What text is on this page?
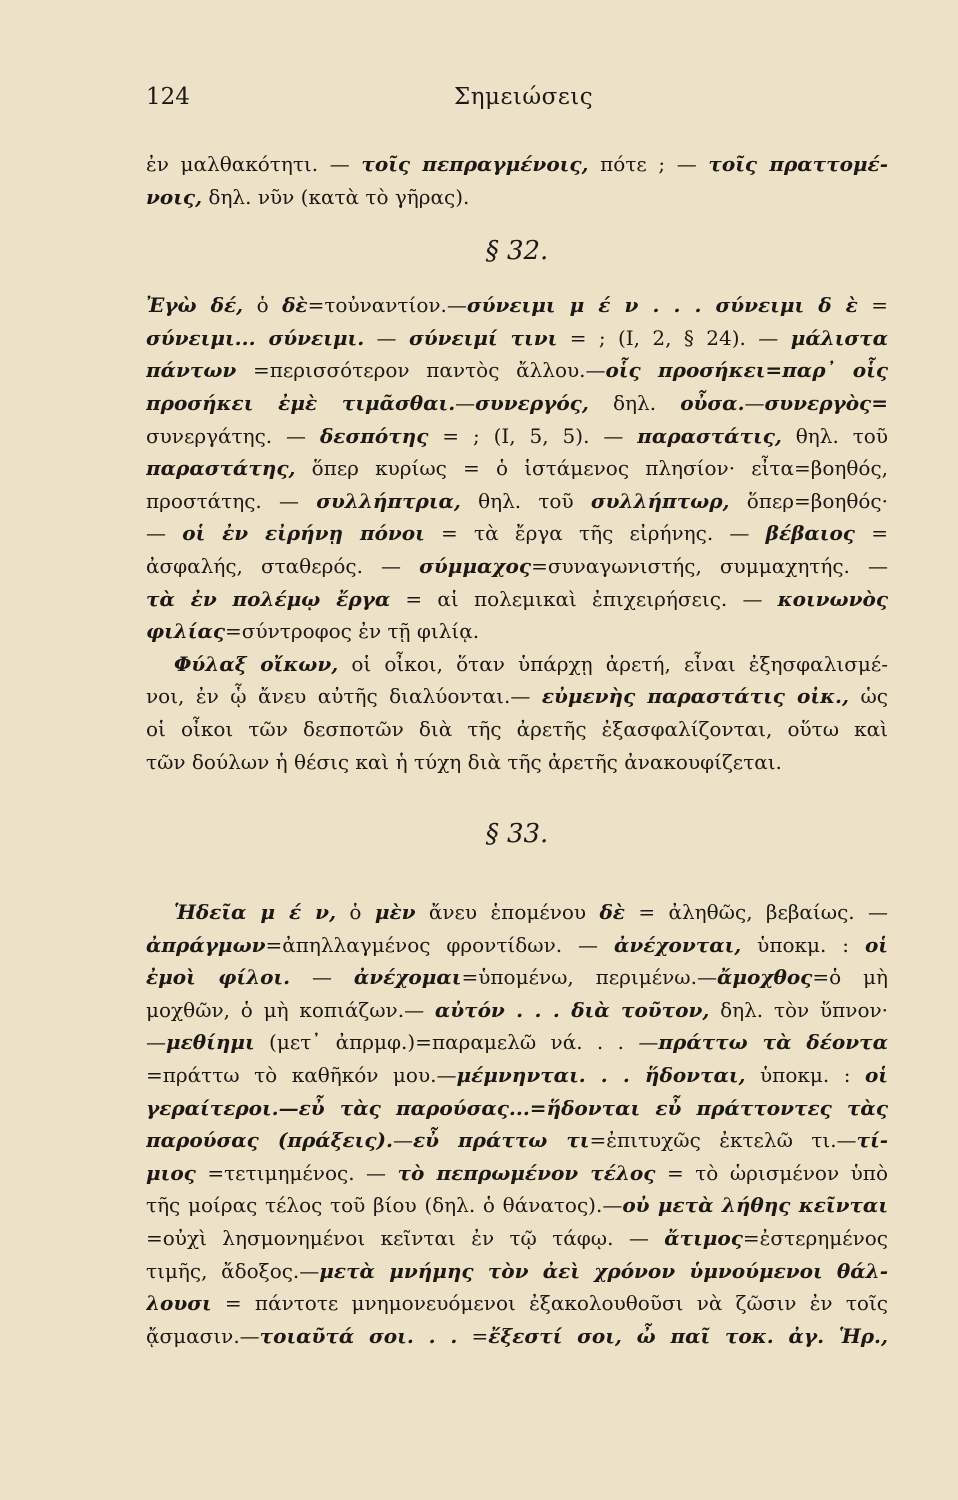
124	Σημειώσεις
ἐν μαλθακότητι. — τοῖς πεπραγμένοις, πότε ; — τοῖς πραττομέ-
νοις, δηλ. νῦν (κατὰ τὸ γῆρας).
§ 32.
Ἐγὼ δέ, ὁ δὲ=τοὐναντίον.—σύνειμι μ έ ν . . . σύνειμι δ ὲ =
σύνειμι... σύνειμι. — σύνειμί τινι = ; (Ι, 2, § 24). — μάλιστα
πάντων =περισσότερον παντὸς ἄλλου.—οἷς προσήκει=παρ᾽ οἷς
προσήκει ἐμὲ τιμᾶσθαι.—συνεργός, δηλ. οὖσα.—συνεργὸς=
συνεργάτης. — δεσπότης = ; (Ι, 5, 5). — παραστάτις, θηλ. τοῦ
παραστάτης, ὅπερ κυρίως = ὁ ἱστάμενος πλησίον· εἶτα=βοηθός,
προστάτης. — συλλήπτρια, θηλ. τοῦ συλλήπτωρ, ὅπερ=βοηθός·
— οἱ ἐν εἰρήνῃ πόνοι = τὰ ἔργα τῆς εἰρήνης. — βέβαιος =
ἀσφαλής, σταθερός. — σύμμαχος=συναγωνιστής, συμμαχητής. —
τὰ ἐν πολέμῳ ἔργα = αἱ πολεμικαὶ ἐπιχειρήσεις. — κοινωνὸς
φιλίας=σύντροφος ἐν τῇ φιλίᾳ.
Φύλαξ οἴκων, οἱ οἶκοι, ὅταν ὑπάρχῃ ἀρετή, εἶναι ἐξησφαλισμέ-
νοι, ἐν ᾧ ἄνευ αὐτῆς διαλύονται.— εὐμενὴς παραστάτις οἰκ., ὡς
οἱ οἶκοι τῶν δεσποτῶν διὰ τῆς ἀρετῆς ἐξασφαλίζονται, οὕτω καὶ
τῶν δούλων ἡ θέσις καὶ ἡ τύχη διὰ τῆς ἀρετῆς ἀνακουφίζεται.
§ 33.
Ἡδεῖα μ έ ν, ὁ μὲν ἄνευ ἑπομένου δὲ = ἀληθῶς, βεβαίως. —
ἀπράγμων=ἀπηλλαγμένος φροντίδων. — ἀνέχονται, ὑποκμ. : οἱ
ἐμοὶ φίλοι. — ἀνέχομαι=ὑπομένω, περιμένω.—ἄμοχθος=ὁ μὴ
μοχθῶν, ὁ μὴ κοπιάζων.— αὐτόν . . . διὰ τοῦτον, δηλ. τὸν ὕπνον·
—μεθίημι (μετ᾽ ἀπρμφ.)=παραμελῶ νά. . . —πράττω τὰ δέοντα
=πράττω τὸ καθῆκόν μου.—μέμνηνται. . . ἥδονται, ὑποκμ. : οἱ
γεραίτεροι.—εὖ τὰς παρούσας...=ἥδονται εὖ πράττοντες τὰς
παρούσας (πράξεις).—εὖ πράττω τι=ἐπιτυχῶς ἐκτελῶ τι.—τί-
μιος =τετιμημένος. — τὸ πεπρωμένον τέλος = τὸ ὡρισμένον ὑπὸ
τῆς μοίρας τέλος τοῦ βίου (δηλ. ὁ θάνατος).—οὐ μετὰ λήθης κεῖνται
=οὐχὶ λησμονημένοι κεῖνται ἐν τῷ τάφῳ. — ἄτιμος=ἐστερημένος
τιμῆς, ἄδοξος.—μετὰ μνήμης τὸν ἀεὶ χρόνον ὑμνούμενοι θάλ-
λουσι = πάντοτε μνημονευόμενοι ἐξακολουθοῦσι νὰ ζῶσιν ἐν τοῖς
ᾄσμασιν.—τοιαῦτά σοι. . . =ἔξεστί σοι, ὦ παῖ τοκ. ἀγ. Ἡρ.,
